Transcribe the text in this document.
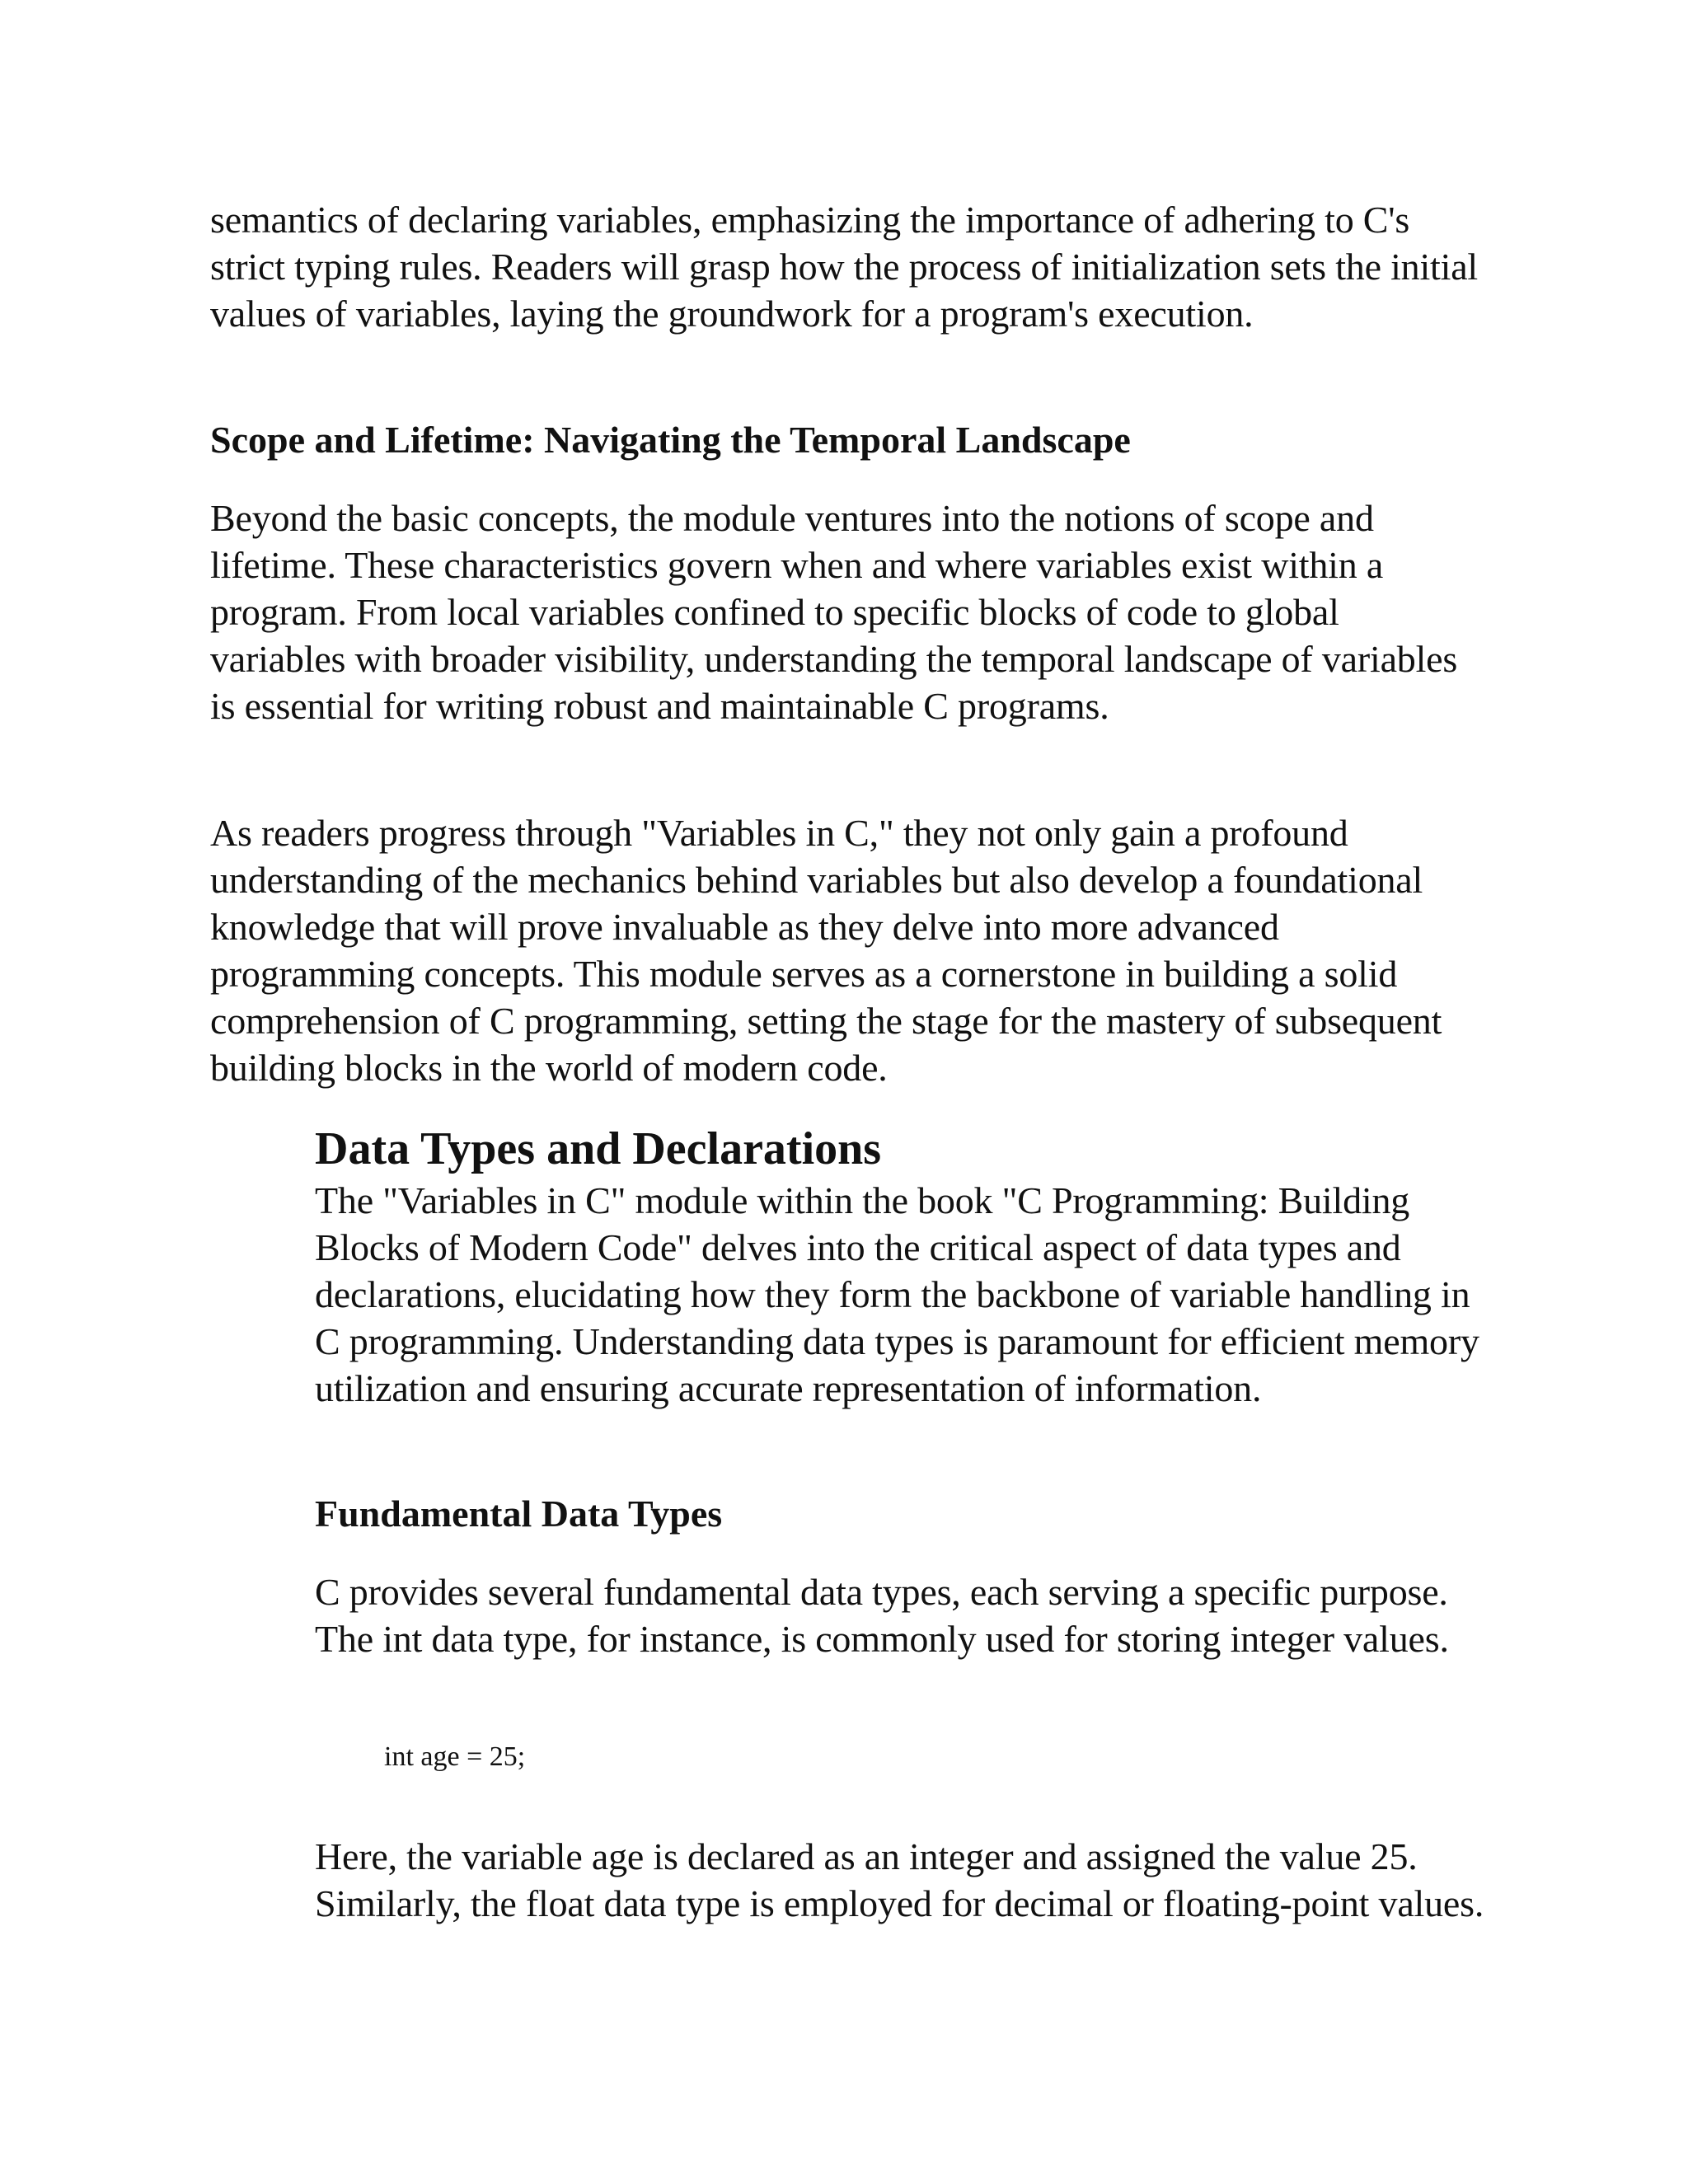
semantics of declaring variables, emphasizing the importance of adhering to C's strict typing rules. Readers will grasp how the process of initialization sets the initial values of variables, laying the groundwork for a program's execution.

Scope and Lifetime: Navigating the Temporal Landscape

Beyond the basic concepts, the module ventures into the notions of scope and lifetime. These characteristics govern when and where variables exist within a program. From local variables confined to specific blocks of code to global variables with broader visibility, understanding the temporal landscape of variables is essential for writing robust and maintainable C programs.

As readers progress through "Variables in C," they not only gain a profound understanding of the mechanics behind variables but also develop a foundational knowledge that will prove invaluable as they delve into more advanced programming concepts. This module serves as a cornerstone in building a solid comprehension of C programming, setting the stage for the mastery of subsequent building blocks in the world of modern code.

Data Types and Declarations

The "Variables in C" module within the book "C Programming: Building Blocks of Modern Code" delves into the critical aspect of data types and declarations, elucidating how they form the backbone of variable handling in C programming. Understanding data types is paramount for efficient memory utilization and ensuring accurate representation of information.

Fundamental Data Types

C provides several fundamental data types, each serving a specific purpose. The int data type, for instance, is commonly used for storing integer values.

int age = 25;

Here, the variable age is declared as an integer and assigned the value 25. Similarly, the float data type is employed for decimal or floating-point values.
